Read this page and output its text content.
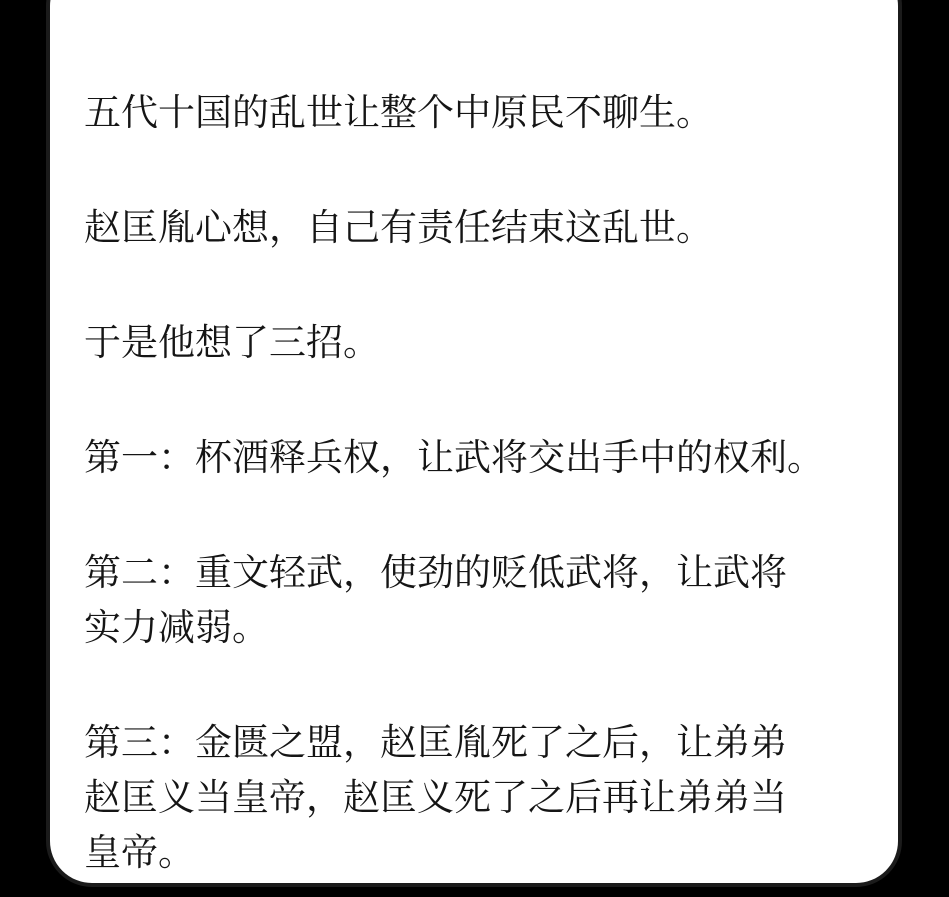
五代十国的乱世让整个中原民不聊生。

赵匡胤心想，自己有责任结束这乱世。

于是他想了三招。

第一：杯酒释兵权，让武将交出手中的权利。

第二：重文轻武，使劲的贬低武将，让武将
实力减弱。

第三：金匮之盟，赵匡胤死了之后，让弟弟
赵匡义当皇帝，赵匡义死了之后再让弟弟当
皇帝。
